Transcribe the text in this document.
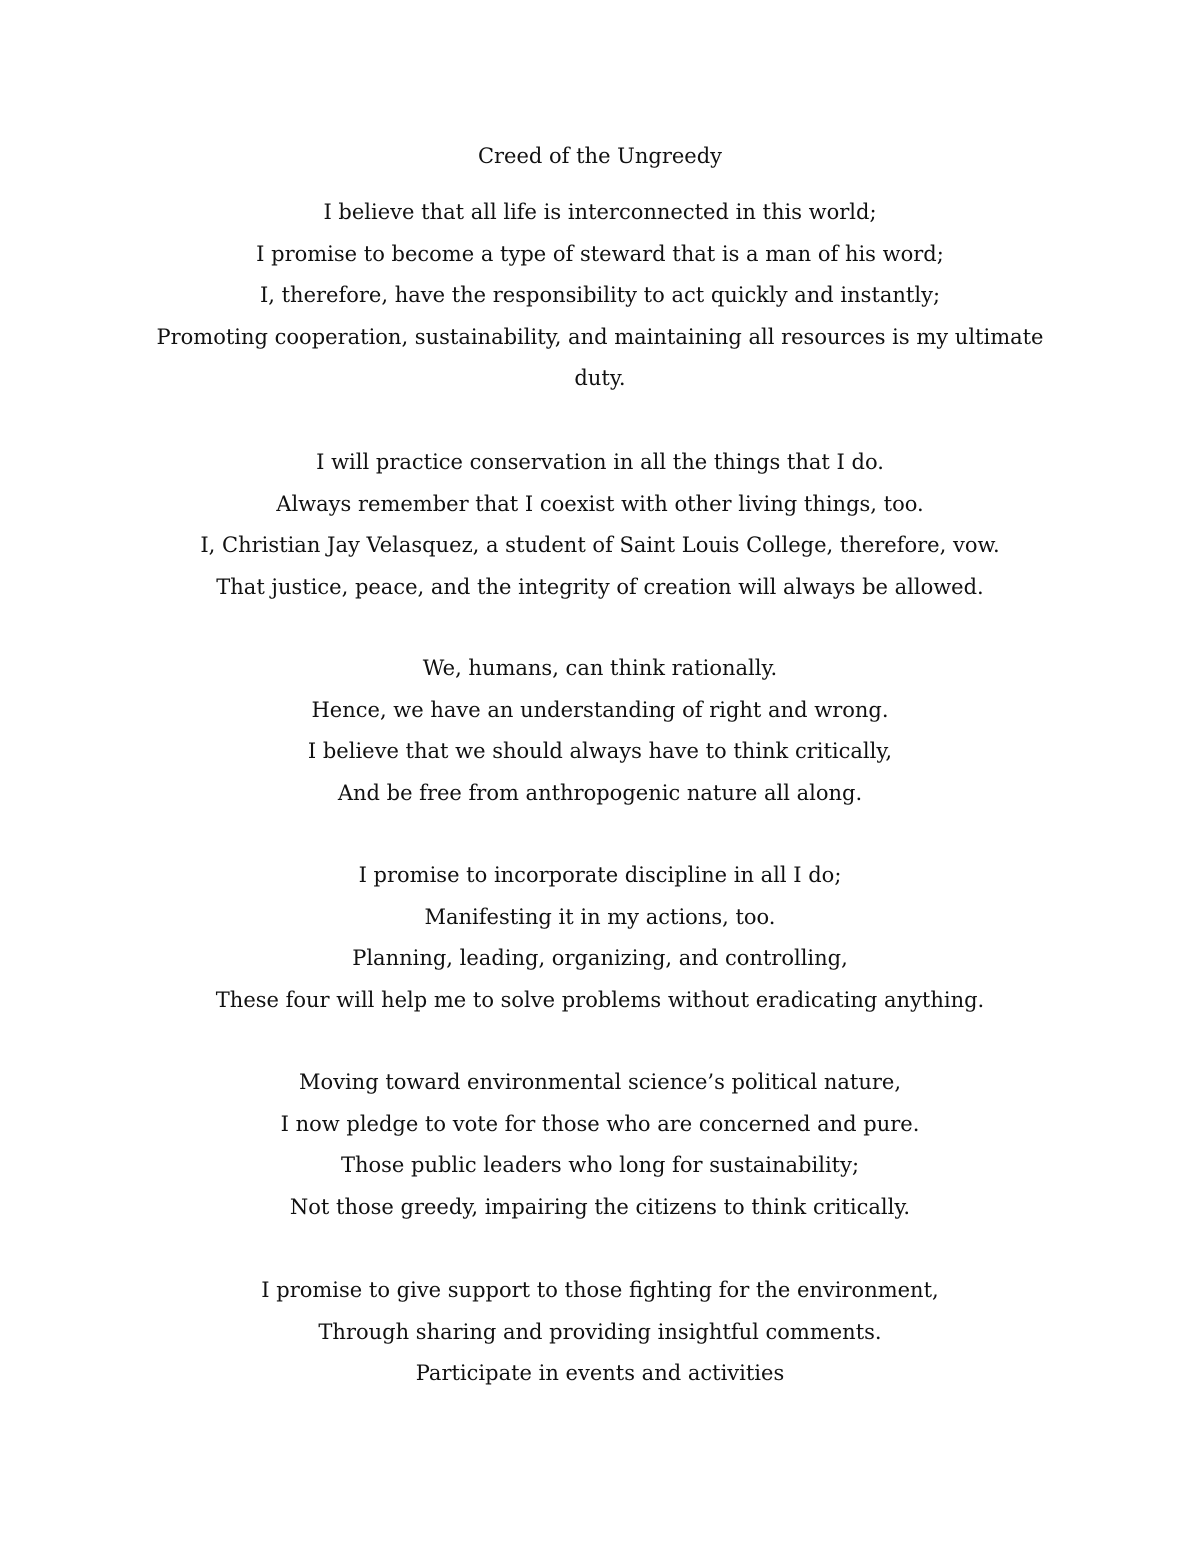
Creed of the Ungreedy
I believe that all life is interconnected in this world;
I promise to become a type of steward that is a man of his word;
I, therefore, have the responsibility to act quickly and instantly;
Promoting cooperation, sustainability, and maintaining all resources is my ultimate
duty.
I will practice conservation in all the things that I do.
Always remember that I coexist with other living things, too.
I, Christian Jay Velasquez, a student of Saint Louis College, therefore, vow.
That justice, peace, and the integrity of creation will always be allowed.
We, humans, can think rationally.
Hence, we have an understanding of right and wrong.
I believe that we should always have to think critically,
And be free from anthropogenic nature all along.
I promise to incorporate discipline in all I do;
Manifesting it in my actions, too.
Planning, leading, organizing, and controlling,
These four will help me to solve problems without eradicating anything.
Moving toward environmental science’s political nature,
I now pledge to vote for those who are concerned and pure.
Those public leaders who long for sustainability;
Not those greedy, impairing the citizens to think critically.
I promise to give support to those fighting for the environment,
Through sharing and providing insightful comments.
Participate in events and activities
